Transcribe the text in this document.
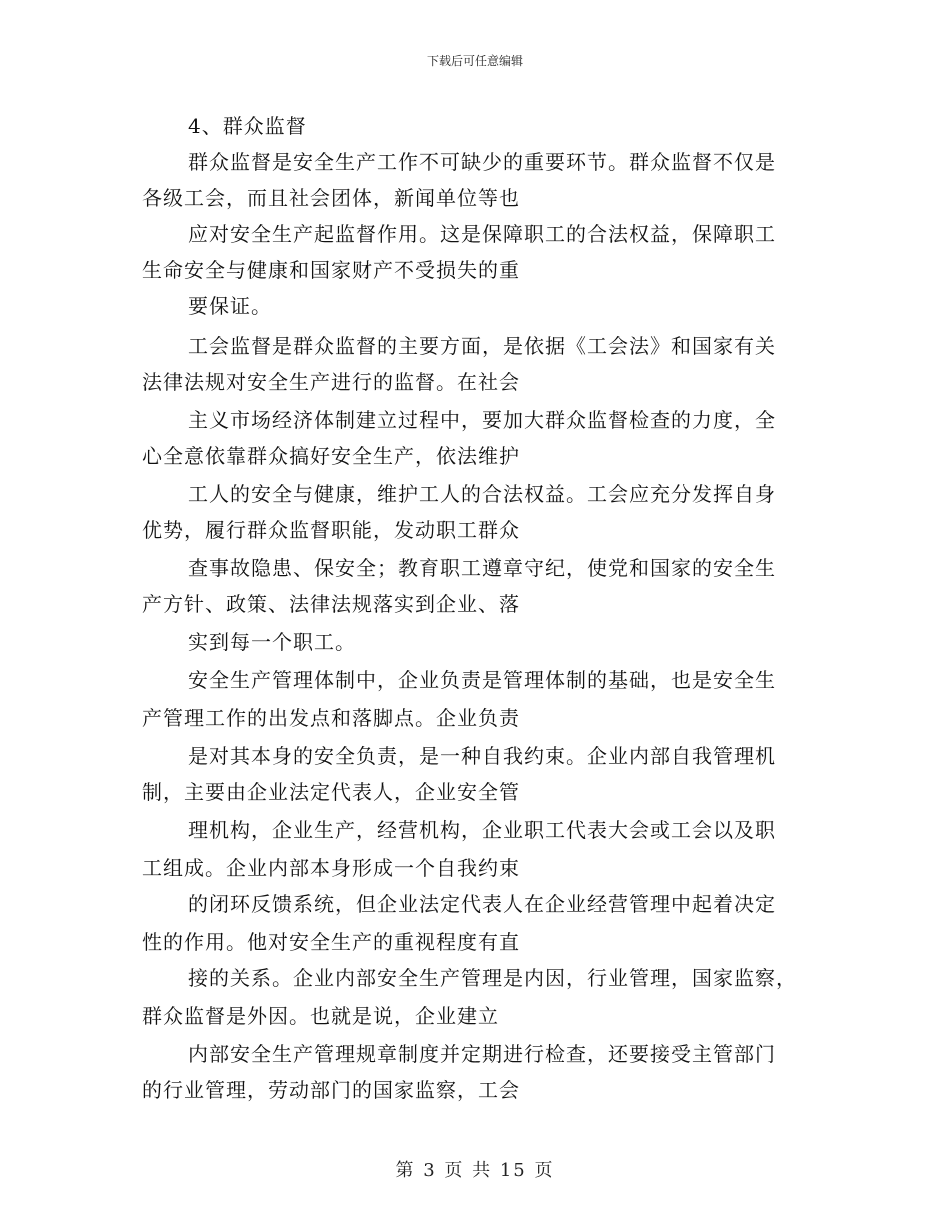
下载后可任意编辑
4、群众监督
群众监督是安全生产工作不可缺少的重要环节。群众监督不仅是
各级工会，而且社会团体，新闻单位等也
应对安全生产起监督作用。这是保障职工的合法权益，保障职工
生命安全与健康和国家财产不受损失的重
要保证。
工会监督是群众监督的主要方面，是依据《工会法》和国家有关
法律法规对安全生产进行的监督。在社会
主义市场经济体制建立过程中，要加大群众监督检查的力度，全
心全意依靠群众搞好安全生产，依法维护
工人的安全与健康，维护工人的合法权益。工会应充分发挥自身
优势，履行群众监督职能，发动职工群众
查事故隐患、保安全；教育职工遵章守纪，使党和国家的安全生
产方针、政策、法律法规落实到企业、落
实到每一个职工。
安全生产管理体制中，企业负责是管理体制的基础，也是安全生
产管理工作的出发点和落脚点。企业负责
是对其本身的安全负责，是一种自我约束。企业内部自我管理机
制，主要由企业法定代表人，企业安全管
理机构，企业生产，经营机构，企业职工代表大会或工会以及职
工组成。企业内部本身形成一个自我约束
的闭环反馈系统，但企业法定代表人在企业经营管理中起着决定
性的作用。他对安全生产的重视程度有直
接的关系。企业内部安全生产管理是内因，行业管理，国家监察，
群众监督是外因。也就是说，企业建立
内部安全生产管理规章制度并定期进行检查，还要接受主管部门
的行业管理，劳动部门的国家监察，工会
第 3 页 共 15 页
